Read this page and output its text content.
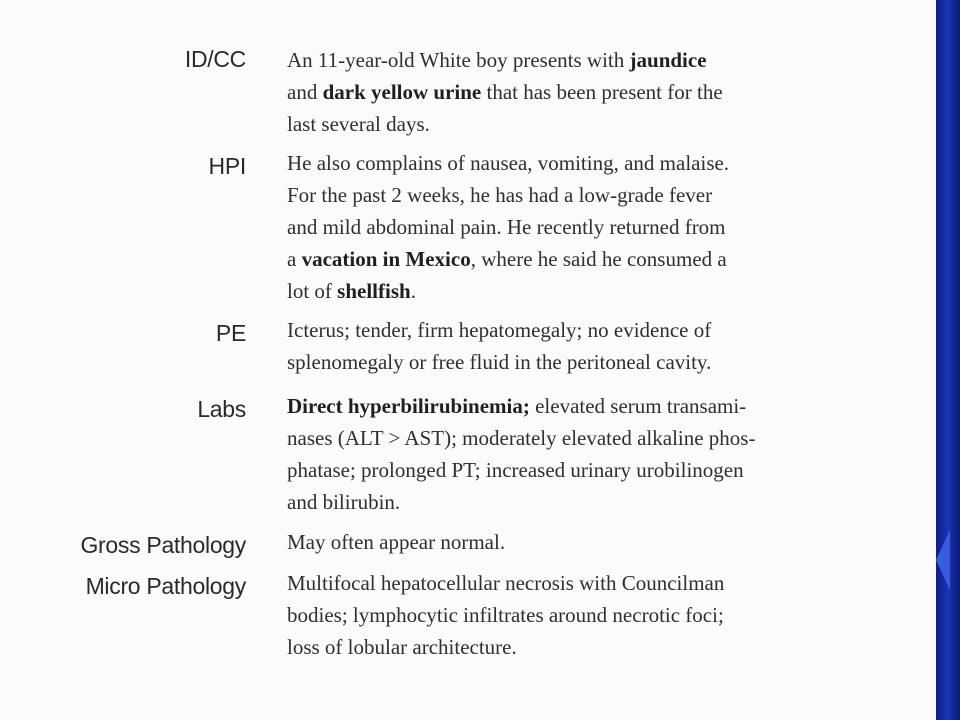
ID/CC An 11-year-old White boy presents with jaundice
and dark yellow urine that has been present for the
last several days.
HPI He also complains of nausea, vomiting, and malaise.
For the past 2 weeks, he has had a low-grade fever
and mild abdominal pain. He recently returned from
a vacation in Mexico, where he said he consumed a
lot of shellfish.
PE Icterus; tender, firm hepatomegaly; no evidence of
splenomegaly or free fluid in the peritoneal cavity.
Labs Direct hyperbilirubinemia; elevated serum transami-
nases (ALT > AST); moderately elevated alkaline phos-
phatase; prolonged PT; increased urinary urobilinogen
and bilirubin.
Gross Pathology May often appear normal.
Micro Pathology Multifocal hepatocellular necrosis with Councilman
bodies; lymphocytic infiltrates around necrotic foci;
loss of lobular architecture.
